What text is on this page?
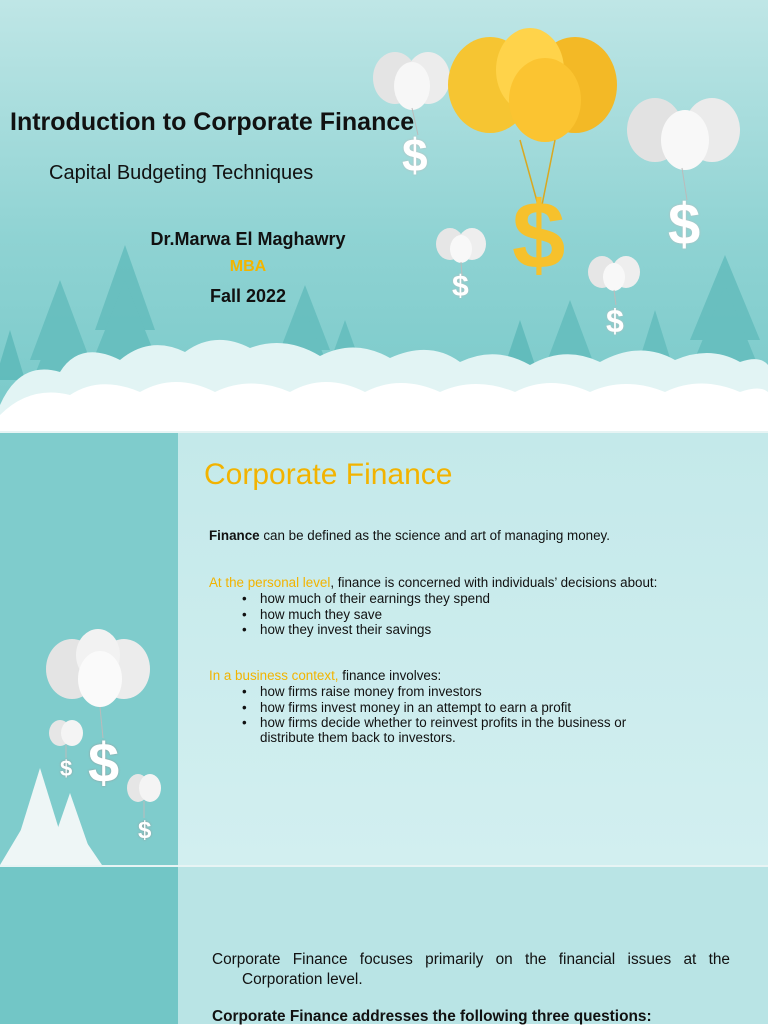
$
$ $
$
$
Introduction to Corporate Finance
Capital Budgeting Techniques
Dr.Marwa El Maghawry
MBA
Fall 2022
$
$
$
Corporate Finance

Finance can be defined as the science and art of managing money.

At the personal level, finance is concerned with individuals’ decisions about:

• how much of their earnings they spend
• how much they save
• how they invest their savings

In a business context, finance involves:

• how firms raise money from investors
• how firms invest money in an attempt to earn a profit
• how firms decide whether to reinvest profits in the business or
distribute them back to investors.
Corporate Finance focuses primarily on the financial issues at the
Corporation level.
Corporate Finance addresses the following three questions:
